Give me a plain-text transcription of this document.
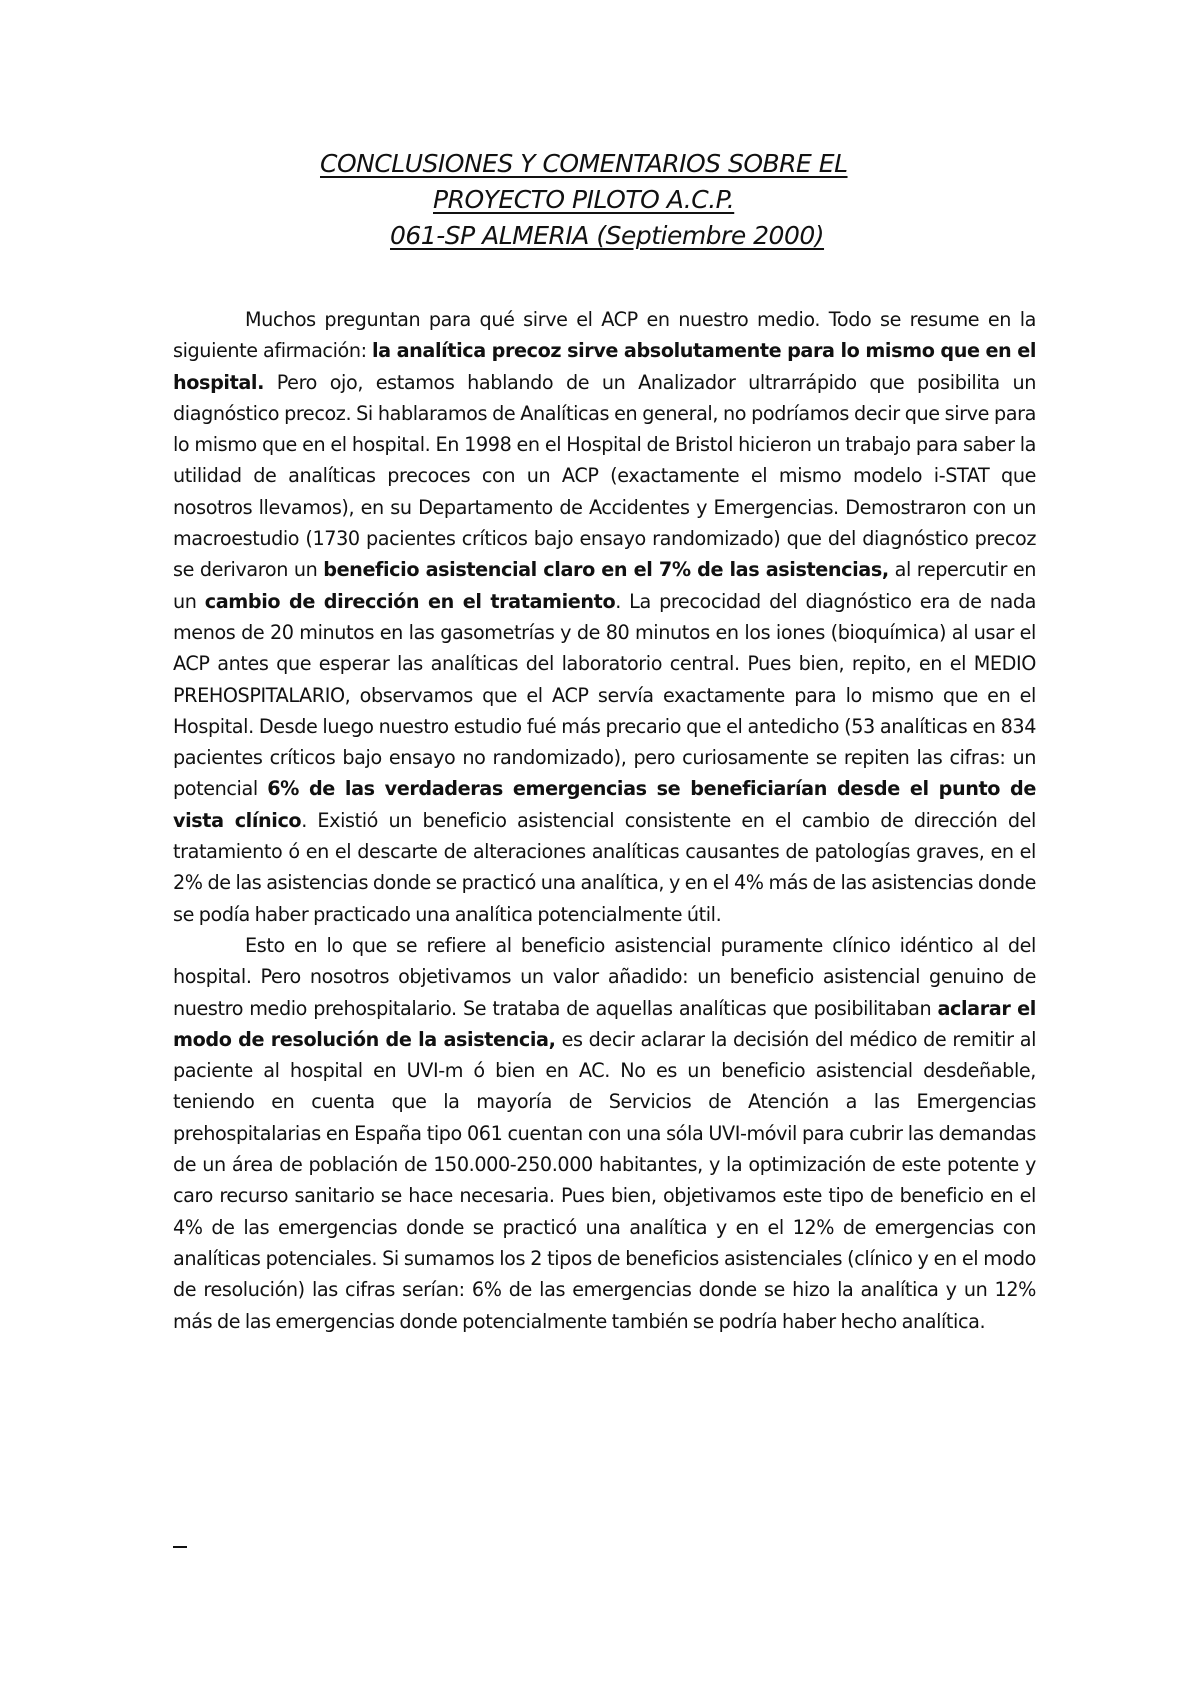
CONCLUSIONES Y COMENTARIOS SOBRE EL
PROYECTO PILOTO A.C.P.
061-SP ALMERIA (Septiembre 2000)

Muchos preguntan para qué sirve el ACP en nuestro medio. Todo se resume en la siguiente afirmación: la analítica precoz sirve absolutamente para lo mismo que en el hospital. Pero ojo, estamos hablando de un Analizador ultrarrápido que posibilita un diagnóstico precoz. Si hablaramos de Analíticas en general, no podríamos decir que sirve para lo mismo que en el hospital. En 1998 en el Hospital de Bristol hicieron un trabajo para saber la utilidad de analíticas precoces con un ACP (exactamente el mismo modelo i-STAT que nosotros llevamos), en su Departamento de Accidentes y Emergencias. Demostraron con un macroestudio (1730 pacientes críticos bajo ensayo randomizado) que del diagnóstico precoz se derivaron un beneficio asistencial claro en el 7% de las asistencias, al repercutir en un cambio de dirección en el tratamiento. La precocidad del diagnóstico era de nada menos de 20 minutos en las gasometrías y de 80 minutos en los iones (bioquímica) al usar el ACP antes que esperar las analíticas del laboratorio central. Pues bien, repito, en el MEDIO PREHOSPITALARIO, observamos que el ACP servía exactamente para lo mismo que en el Hospital. Desde luego nuestro estudio fué más precario que el antedicho (53 analíticas en 834 pacientes críticos bajo ensayo no randomizado), pero curiosamente se repiten las cifras: un potencial 6% de las verdaderas emergencias se beneficiarían desde el punto de vista clínico. Existió un beneficio asistencial consistente en el cambio de dirección del tratamiento ó en el descarte de alteraciones analíticas causantes de patologías graves, en el 2% de las asistencias donde se practicó una analítica, y en el 4% más de las asistencias donde se podía haber practicado una analítica potencialmente útil.

Esto en lo que se refiere al beneficio asistencial puramente clínico idéntico al del hospital. Pero nosotros objetivamos un valor añadido: un beneficio asistencial genuino de nuestro medio prehospitalario. Se trataba de aquellas analíticas que posibilitaban aclarar el modo de resolución de la asistencia, es decir aclarar la decisión del médico de remitir al paciente al hospital en UVI-m ó bien en AC. No es un beneficio asistencial desdeñable, teniendo en cuenta que la mayoría de Servicios de Atención a las Emergencias prehospitalarias en España tipo 061 cuentan con una sóla UVI-móvil para cubrir las demandas de un área de población de 150.000-250.000 habitantes, y la optimización de este potente y caro recurso sanitario se hace necesaria. Pues bien, objetivamos este tipo de beneficio en el 4% de las emergencias donde se practicó una analítica y en el 12% de emergencias con analíticas potenciales. Si sumamos los 2 tipos de beneficios asistenciales (clínico y en el modo de resolución) las cifras serían: 6% de las emergencias donde se hizo la analítica y un 12% más de las emergencias donde potencialmente también se podría haber hecho analítica.
